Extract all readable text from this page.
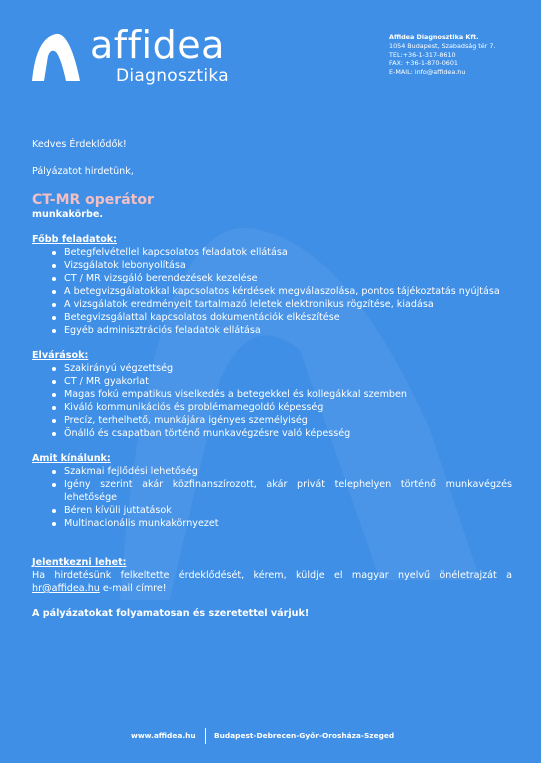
affidea
Diagnosztika
Affidea Diagnosztika Kft.
1054 Budapest, Szabadság tér 7.
TEL:+36-1-317-8610
FAX: +36-1-870-0601
E-MAIL: info@affidea.hu

Kedves Érdeklődők!

Pályázatot hirdetünk,

CT-MR operátor

munkakörbe.

Főbb feladatok:

Betegfelvétellel kapcsolatos feladatok ellátása
Vizsgálatok lebonyolítása
CT / MR vizsgáló berendezések kezelése
A betegvizsgálatokkal kapcsolatos kérdések megválaszolása, pontos tájékoztatás nyújtása
A vizsgálatok eredményeit tartalmazó leletek elektronikus rögzítése, kiadása
Betegvizsgálattal kapcsolatos dokumentációk elkészítése
Egyéb adminisztrációs feladatok ellátása

Elvárások:

Szakirányú végzettség
CT / MR gyakorlat
Magas fokú empatikus viselkedés a betegekkel és kollegákkal szemben
Kiváló kommunikációs és problémamegoldó képesség
Precíz, terhelhető, munkájára igényes személyiség
Önálló és csapatban történő munkavégzésre való képesség

Amit kínálunk:

Szakmai fejlődési lehetőség
Igény szerint akár közfinanszírozott, akár privát telephelyen történő munkavégzés lehetősége
Béren kívüli juttatások
Multinacionális munkakörnyezet

Jelentkezni lehet:

Ha hirdetésünk felkeltette érdeklődését, kérem, küldje el magyar nyelvű önéletrajzát a hr@affidea.hu e-mail címre!

A pályázatokat folyamatosan és szeretettel várjuk!

www.affidea.hu Budapest-Debrecen-Győr-Orosháza-Szeged
